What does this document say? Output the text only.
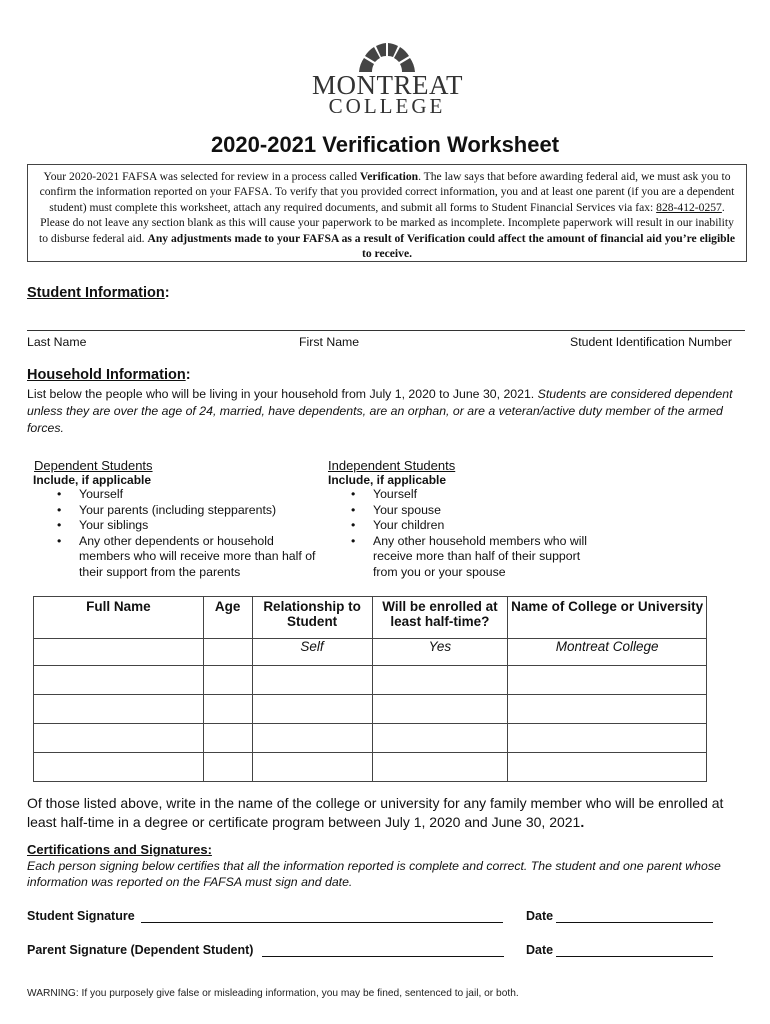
MONTREAT
COLLEGE
2020-2021 Verification Worksheet
Your 2020-2021 FAFSA was selected for review in a process called Verification. The law says that before awarding federal aid, we must ask you to confirm the information reported on your FAFSA. To verify that you provided correct information, you and at least one parent (if you are a dependent student) must complete this worksheet, attach any required documents, and submit all forms to Student Financial Services via fax: 828-412-0257. Please do not leave any section blank as this will cause your paperwork to be marked as incomplete. Incomplete paperwork will result in our inability to disburse federal aid. Any adjustments made to your FAFSA as a result of Verification could affect the amount of financial aid you’re eligible to receive.
Student Information:
Last Name	First Name	Student Identification Number
Household Information:
List below the people who will be living in your household from July 1, 2020 to June 30, 2021. Students are considered dependent unless they are over the age of 24, married, have dependents, are an orphan, or are a veteran/active duty member of the armed forces.
Dependent Students
Include, if applicable
• Yourself
• Your parents (including stepparents)
• Your siblings
• Any other dependents or household members who will receive more than half of their support from the parents
Independent Students
Include, if applicable
• Yourself
• Your spouse
• Your children
• Any other household members who will receive more than half of their support from you or your spouse
Full Name	Age	Relationship to Student	Will be enrolled at least half-time?	Name of College or University
		Self	Yes	Montreat College

Of those listed above, write in the name of the college or university for any family member who will be enrolled at least half-time in a degree or certificate program between July 1, 2020 and June 30, 2021.
Certifications and Signatures:
Each person signing below certifies that all the information reported is complete and correct. The student and one parent whose information was reported on the FAFSA must sign and date.
Student Signature	Date
Parent Signature (Dependent Student)	Date
WARNING: If you purposely give false or misleading information, you may be fined, sentenced to jail, or both.
